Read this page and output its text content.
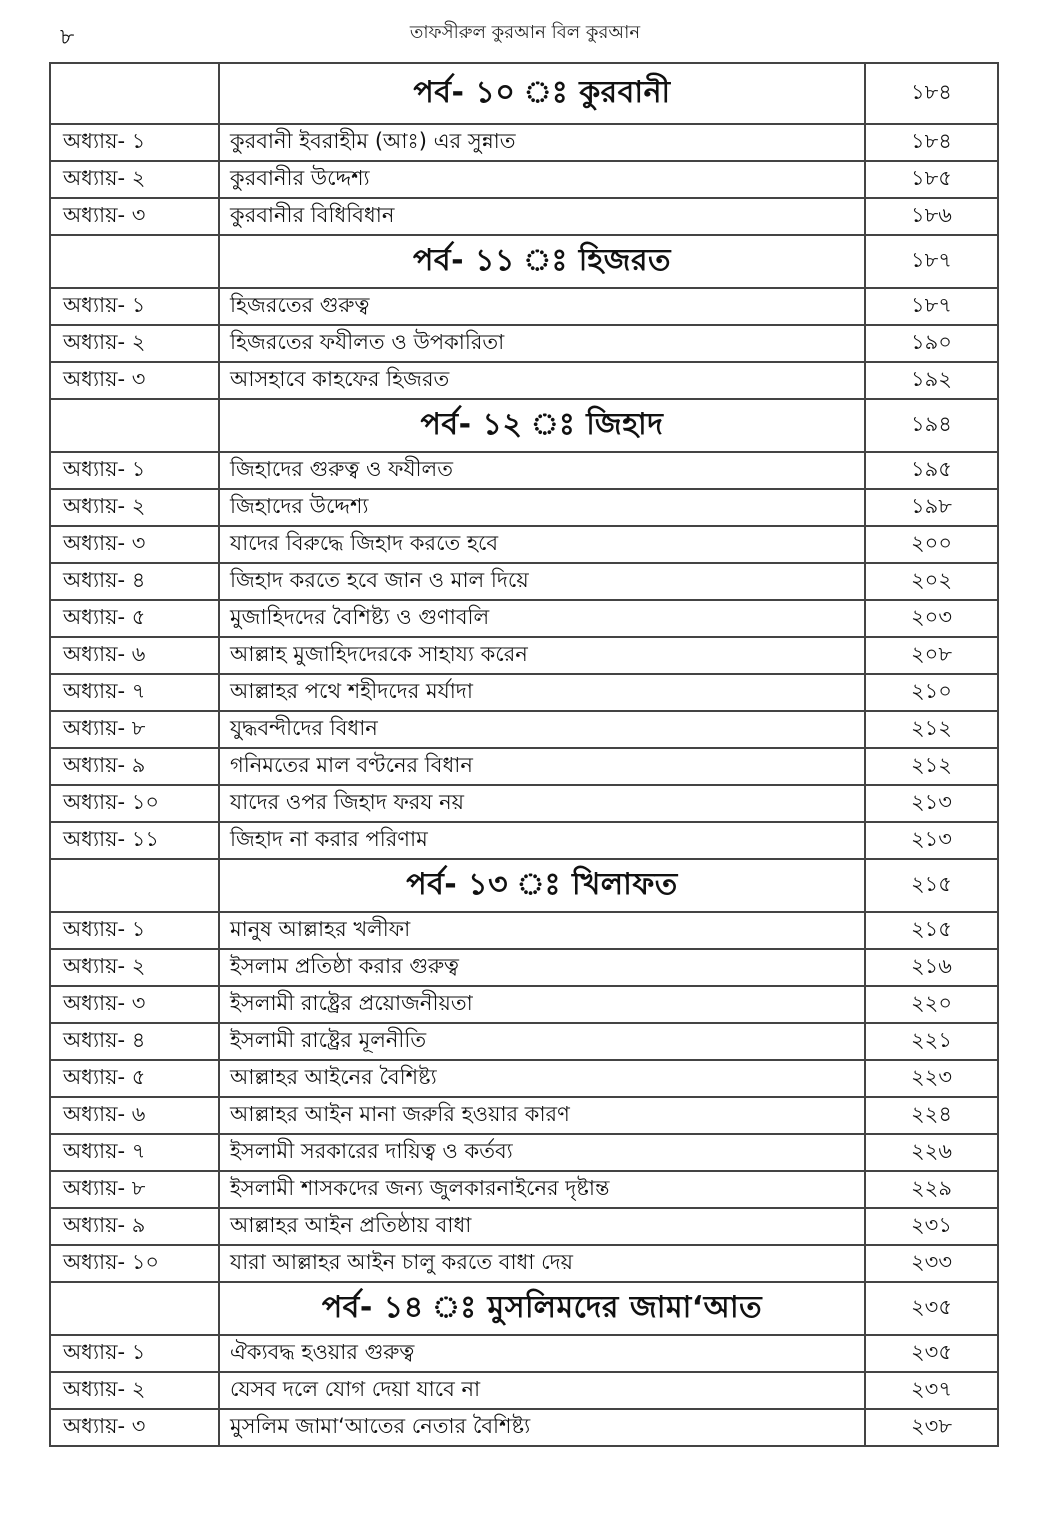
৮	তাফসীরুল কুরআন বিল কুরআন
	পর্ব- ১০ ঃ কুরবানী	১৮৪
অধ্যায়- ১	কুরবানী ইবরাহীম (আঃ) এর সুন্নাত	১৮৪
অধ্যায়- ২	কুরবানীর উদ্দেশ্য	১৮৫
অধ্যায়- ৩	কুরবানীর বিধিবিধান	১৮৬
	পর্ব- ১১ ঃ হিজরত	১৮৭
অধ্যায়- ১	হিজরতের গুরুত্ব	১৮৭
অধ্যায়- ২	হিজরতের ফযীলত ও উপকারিতা	১৯০
অধ্যায়- ৩	আসহাবে কাহফের হিজরত	১৯২
	পর্ব- ১২ ঃ জিহাদ	১৯৪
অধ্যায়- ১	জিহাদের গুরুত্ব ও ফযীলত	১৯৫
অধ্যায়- ২	জিহাদের উদ্দেশ্য	১৯৮
অধ্যায়- ৩	যাদের বিরুদ্ধে জিহাদ করতে হবে	২০০
অধ্যায়- ৪	জিহাদ করতে হবে জান ও মাল দিয়ে	২০২
অধ্যায়- ৫	মুজাহিদদের বৈশিষ্ট্য ও গুণাবলি	২০৩
অধ্যায়- ৬	আল্লাহ মুজাহিদদেরকে সাহায্য করেন	২০৮
অধ্যায়- ৭	আল্লাহর পথে শহীদদের মর্যাদা	২১০
অধ্যায়- ৮	যুদ্ধবন্দীদের বিধান	২১২
অধ্যায়- ৯	গনিমতের মাল বণ্টনের বিধান	২১২
অধ্যায়- ১০	যাদের ওপর জিহাদ ফরয নয়	২১৩
অধ্যায়- ১১	জিহাদ না করার পরিণাম	২১৩
	পর্ব- ১৩ ঃ খিলাফত	২১৫
অধ্যায়- ১	মানুষ আল্লাহর খলীফা	২১৫
অধ্যায়- ২	ইসলাম প্রতিষ্ঠা করার গুরুত্ব	২১৬
অধ্যায়- ৩	ইসলামী রাষ্ট্রের প্রয়োজনীয়তা	২২০
অধ্যায়- ৪	ইসলামী রাষ্ট্রের মূলনীতি	২২১
অধ্যায়- ৫	আল্লাহর আইনের বৈশিষ্ট্য	২২৩
অধ্যায়- ৬	আল্লাহর আইন মানা জরুরি হওয়ার কারণ	২২৪
অধ্যায়- ৭	ইসলামী সরকারের দায়িত্ব ও কর্তব্য	২২৬
অধ্যায়- ৮	ইসলামী শাসকদের জন্য জুলকারনাইনের দৃষ্টান্ত	২২৯
অধ্যায়- ৯	আল্লাহর আইন প্রতিষ্ঠায় বাধা	২৩১
অধ্যায়- ১০	যারা আল্লাহর আইন চালু করতে বাধা দেয়	২৩৩
	পর্ব- ১৪ ঃ মুসলিমদের জামা‘আত	২৩৫
অধ্যায়- ১	ঐক্যবদ্ধ হওয়ার গুরুত্ব	২৩৫
অধ্যায়- ২	যেসব দলে যোগ দেয়া যাবে না	২৩৭
অধ্যায়- ৩	মুসলিম জামা‘আতের নেতার বৈশিষ্ট্য	২৩৮
